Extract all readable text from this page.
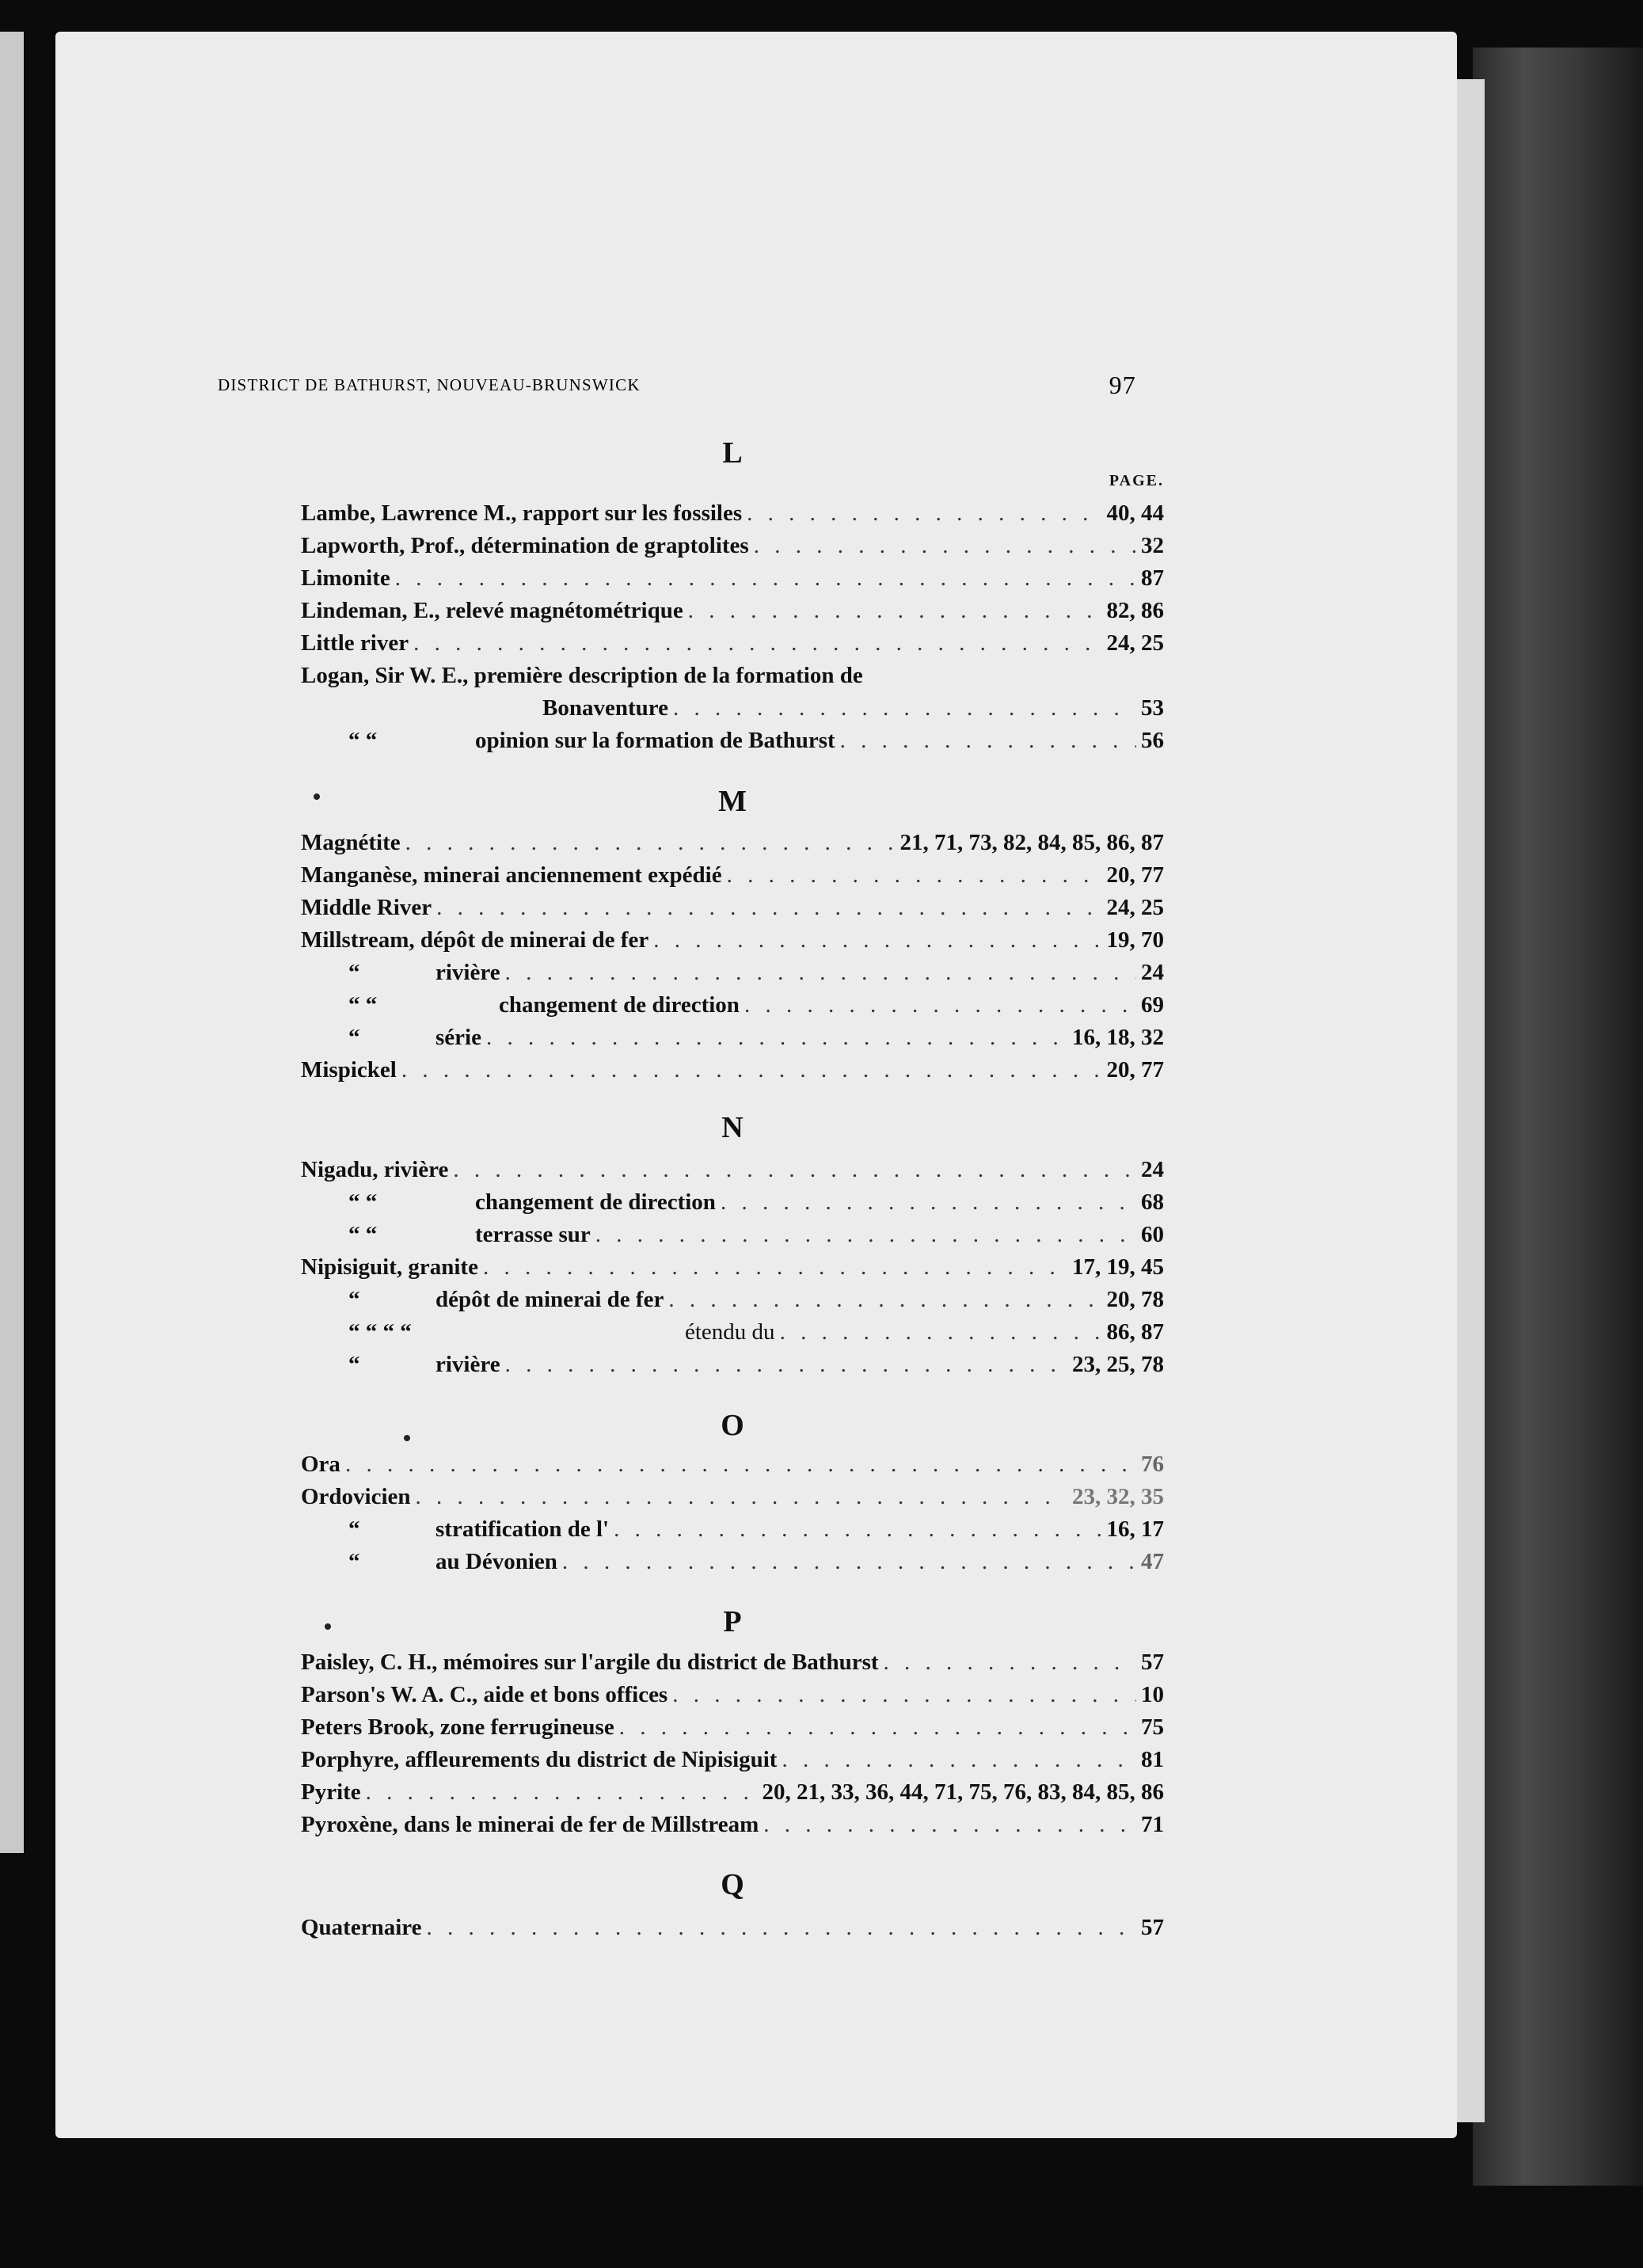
DISTRICT DE BATHURST, NOUVEAU-BRUNSWICK	97
L
PAGE.
Lambe, Lawrence M., rapport sur les fossiles . . .	40, 44
Lapworth, Prof., détermination de graptolites . . .	32
Limonite . . .	87
Lindeman, E., relevé magnétométrique . . .	82, 86
Little river . . .	24, 25
Logan, Sir W. E., première description de la formation de
Bonaventure . . .	53
“ “	opinion sur la formation de Bathurst . . .	56
M
Magnétite . . .	21, 71, 73, 82, 84, 85, 86, 87
Manganèse, minerai anciennement expédié . . .	20, 77
Middle River . . .	24, 25
Millstream, dépôt de minerai de fer . . .	19, 70
“	rivière . . .	24
“ “	changement de direction . . .	69
“	série . . .	16, 18, 32
Mispickel . . .	20, 77
N
Nigadu, rivière . . .	24
“ “	changement de direction . . .	68
“ “	terrasse sur . . .	60
Nipisiguit, granite . . .	17, 19, 45
“	dépôt de minerai de fer . . .	20, 78
“ “ “ “	étendu du . . .	86, 87
“	rivière . . .	23, 25, 78
O
Ora . . .	76
Ordovicien . . .	23, 32, 35
“	stratification de l' . . .	16, 17
“	au Dévonien . . .	47
P
Paisley, C. H., mémoires sur l'argile du district de Bathurst . . .	57
Parson's W. A. C., aide et bons offices . . .	10
Peters Brook, zone ferrugineuse . . .	75
Porphyre, affleurements du district de Nipisiguit . . .	81
Pyrite . . .	20, 21, 33, 36, 44, 71, 75, 76, 83, 84, 85, 86
Pyroxène, dans le minerai de fer de Millstream . . .	71
Q
Quaternaire . . .	57
